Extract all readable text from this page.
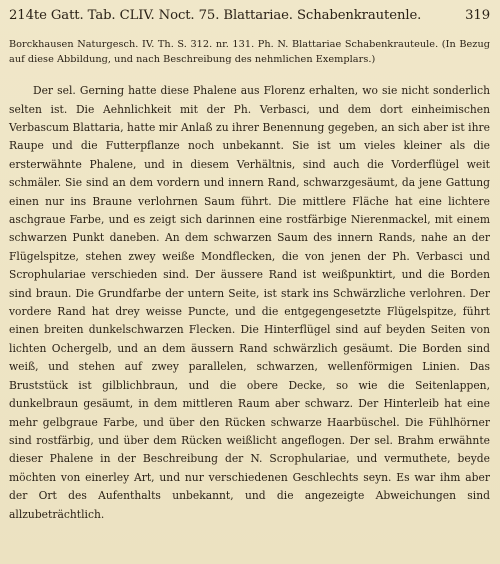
214te Gatt. Tab. CLIV. Noct. 75. Blattariae. Schabenkrautenle.	319
Borckhausen Naturgesch. IV. Th. S. 312. nr. 131. Ph. N. Blattariae Schabenkrauteule. (In Bezug auf diese Abbildung, und nach Beschreibung des nehmlichen Exemplars.)
Der sel. Gerning hatte diese Phalene aus Florenz erhalten, wo sie nicht sonderlich selten ist. Die Aehnlichkeit mit der Ph. Verbasci, und dem dort einheimischen Verbascum Blattaria, hatte mir Anlaß zu ihrer Benennung gegeben, an sich aber ist ihre Raupe und die Futterpflanze noch unbekannt. Sie ist um vieles kleiner als die ersterwähnte Phalene, und in diesem Verhältnis, sind auch die Vorderflügel weit schmäler. Sie sind an dem vordern und innern Rand, schwarzgesäumt, da jene Gattung einen nur ins Braune verlohrnen Saum führt. Die mittlere Fläche hat eine lichtere aschgraue Farbe, und es zeigt sich darinnen eine rostfärbige Nierenmackel, mit einem schwarzen Punkt daneben. An dem schwarzen Saum des innern Rands, nahe an der Flügelspitze, stehen zwey weiße Mondflecken, die von jenen der Ph. Verbasci und Scrophulariae verschieden sind. Der äussere Rand ist weißpunktirt, und die Borden sind braun. Die Grundfarbe der untern Seite, ist stark ins Schwärzliche verlohren. Der vordere Rand hat drey weisse Puncte, und die entgegengesetzte Flügelspitze, führt einen breiten dunkelschwarzen Flecken. Die Hinterflügel sind auf beyden Seiten von lichten Ochergelb, und an dem äussern Rand schwärzlich gesäumt. Die Borden sind weiß, und stehen auf zwey parallelen, schwarzen, wellenförmigen Linien. Das Bruststück ist gilblichbraun, und die obere Decke, so wie die Seitenlappen, dunkelbraun gesäumt, in dem mittleren Raum aber schwarz. Der Hinterleib hat eine mehr gelbgraue Farbe, und über den Rücken schwarze Haarbüschel. Die Fühlhörner sind rostfärbig, und über dem Rücken weißlicht angeflogen. Der sel. Brahm erwähnte dieser Phalene in der Beschreibung der N. Scrophulariae, und vermuthete, beyde möchten von einerley Art, und nur verschiedenen Geschlechts seyn. Es war ihm aber der Ort des Aufenthalts unbekannt, und die angezeigte Abweichungen sind allzubeträchtlich.
